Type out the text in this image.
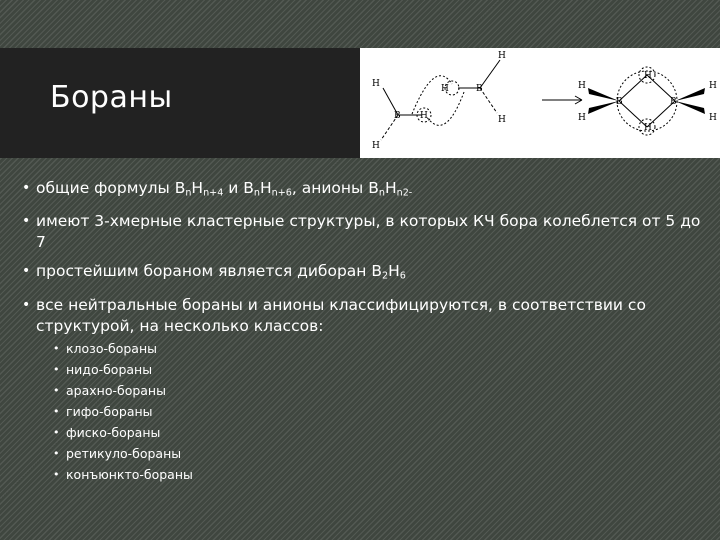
Бораны	H
H
B H
H	B
H
H
H
H
B	B
H
H
H
H
• общие формулы $B_nH_{n+4}$ и $B_nH_{n+6}$, анионы $B_nH_{n2-}$
• имеют 3-хмерные кластерные структуры, в которых КЧ бора колеблется от 5 до 7
• простейшим бораном является диборан $B_2H_6$
• все нейтральные бораны и анионы классифицируются, в соответствии со структурой, на несколько классов:
• клозо-бораны
• нидо-бораны
• арахно-бораны
• гифо-бораны
• фиско-бораны
• ретикуло-бораны
• конъюнкто-бораны
